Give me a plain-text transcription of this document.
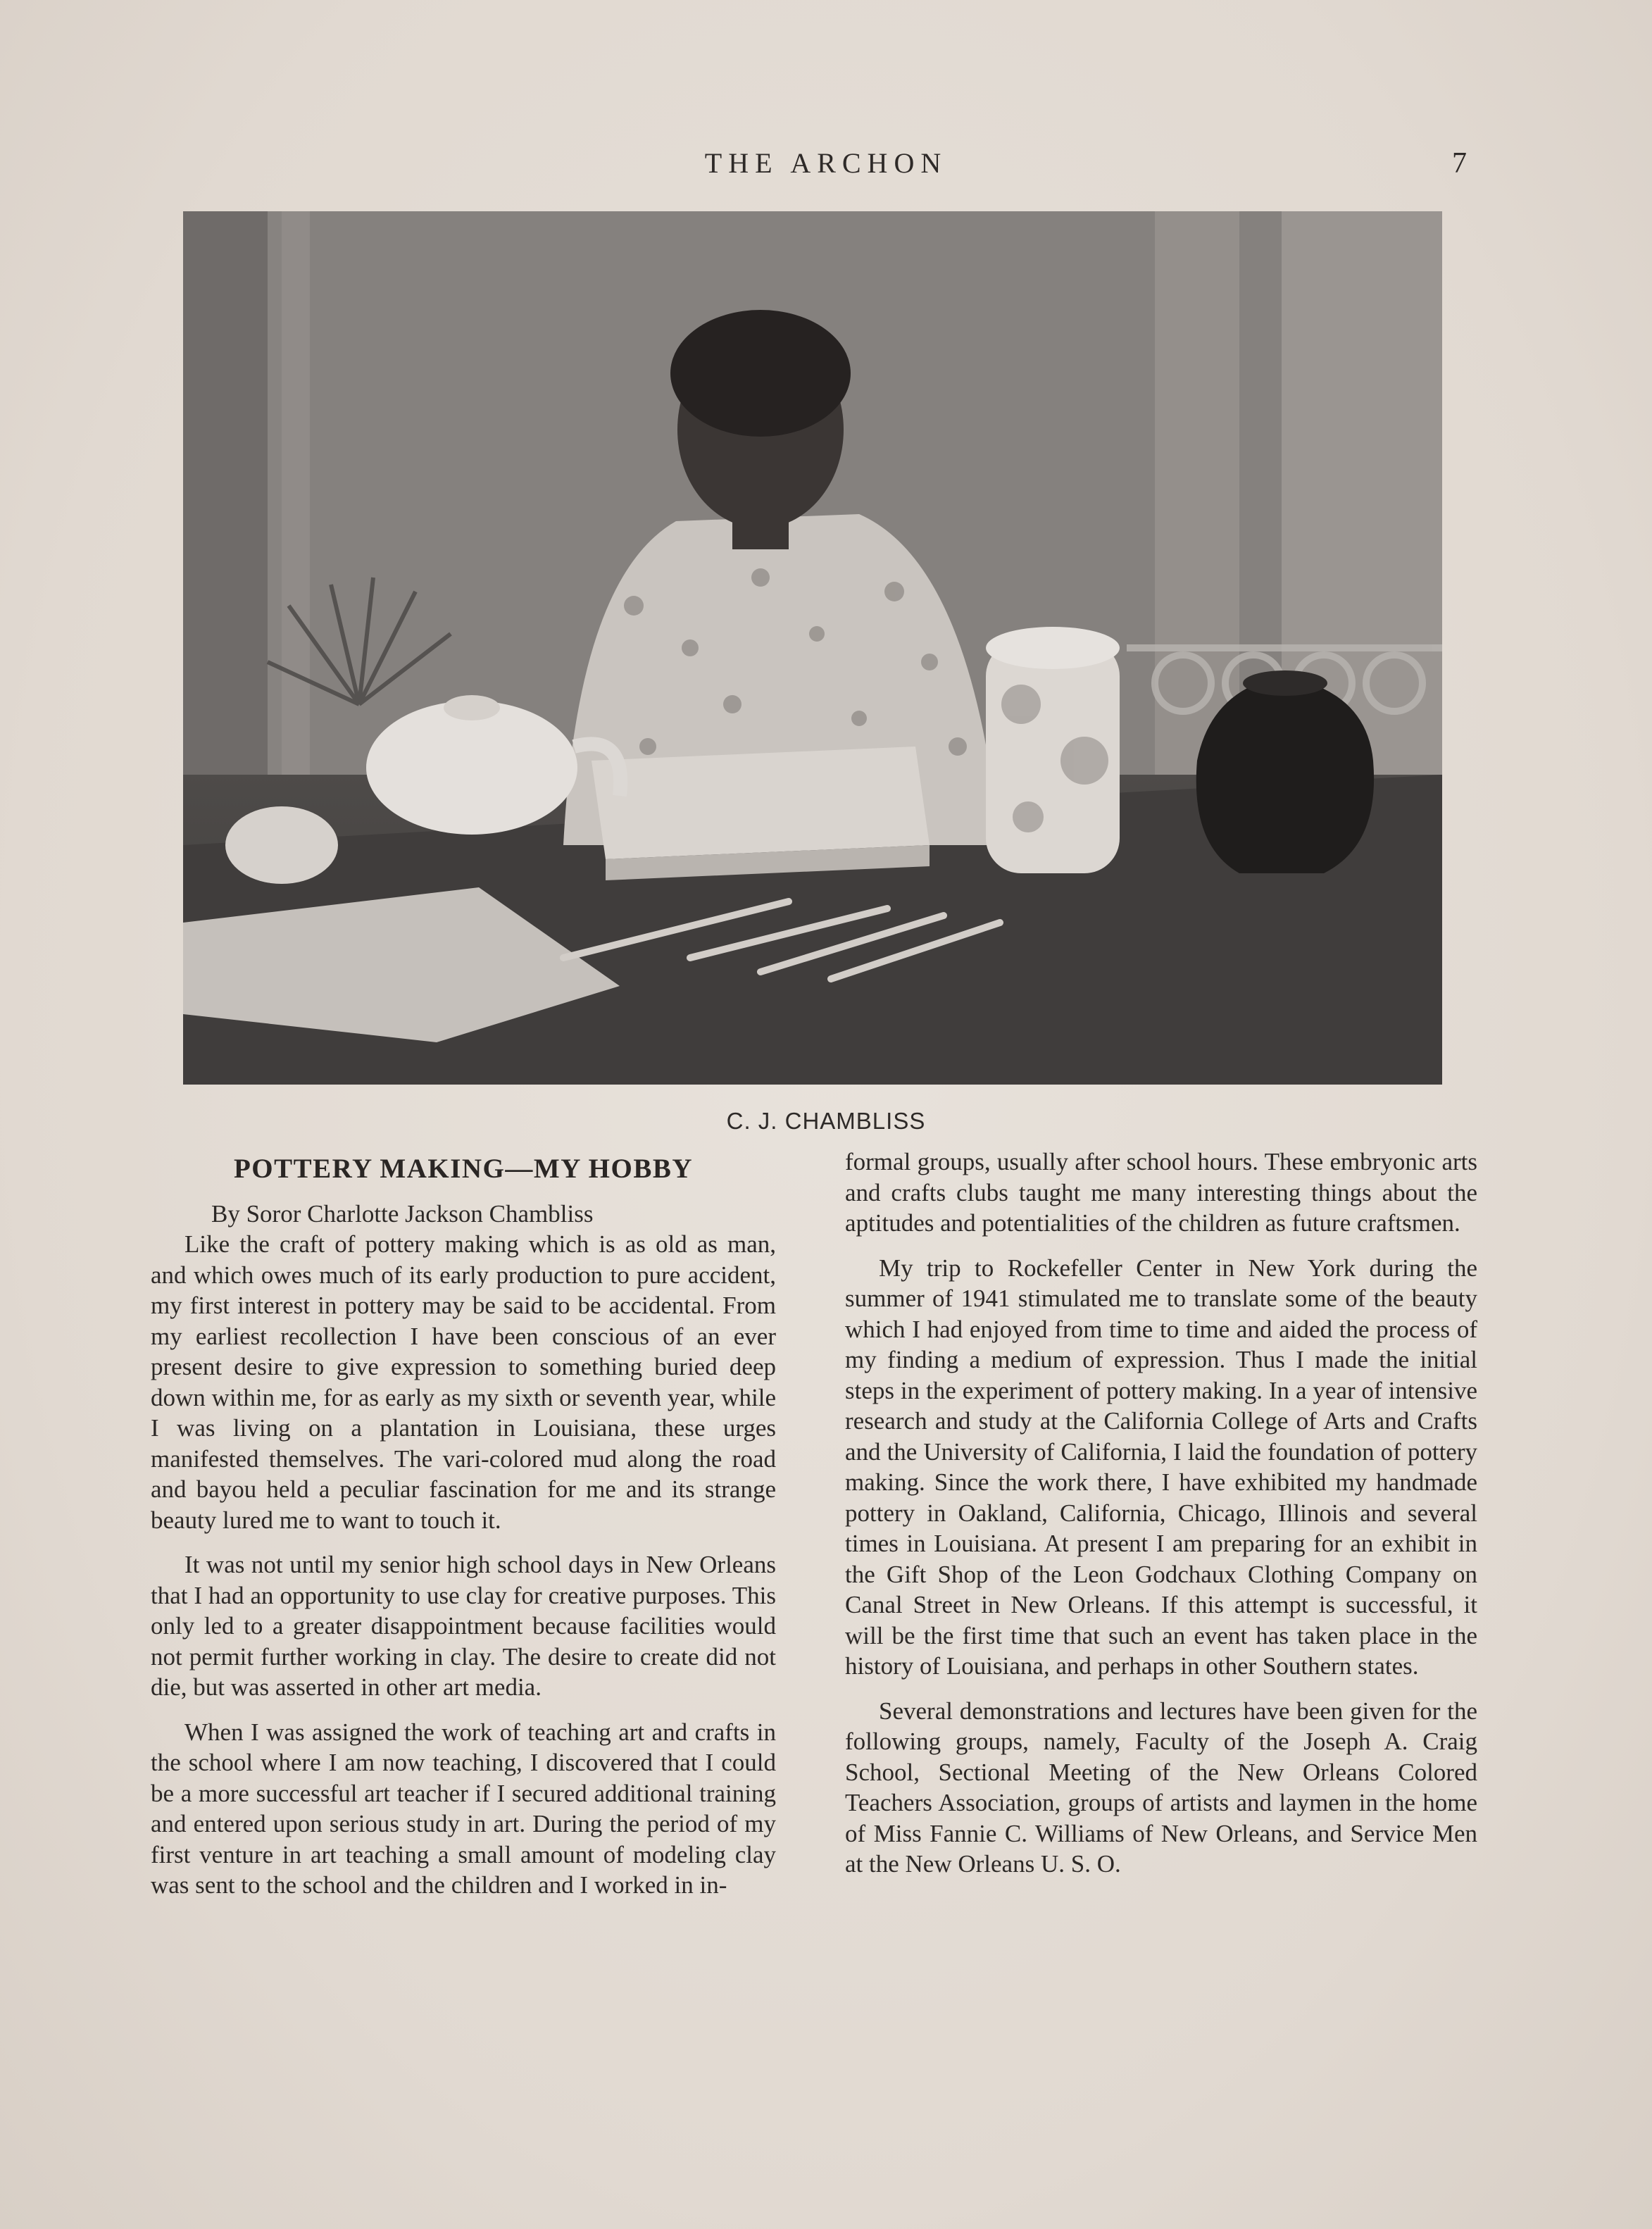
THE ARCHON	7
C. J. CHAMBLISS
POTTERY MAKING—MY HOBBY

By Soror Charlotte Jackson Chambliss

Like the craft of pottery making which is as old as man, and which owes much of its early production to pure accident, my first interest in pottery may be said to be accidental. From my earliest recollection I have been conscious of an ever present desire to give expression to something buried deep down within me, for as early as my sixth or seventh year, while I was living on a plantation in Louisiana, these urges manifested themselves. The vari-colored mud along the road and bayou held a peculiar fascination for me and its strange beauty lured me to want to touch it.

It was not until my senior high school days in New Orleans that I had an opportunity to use clay for creative purposes. This only led to a greater disappointment because facilities would not permit further working in clay. The desire to create did not die, but was asserted in other art media.

When I was assigned the work of teaching art and crafts in the school where I am now teaching, I discovered that I could be a more successful art teacher if I secured additional training and entered upon serious study in art. During the period of my first venture in art teaching a small amount of modeling clay was sent to the school and the children and I worked in in-

formal groups, usually after school hours. These embryonic arts and crafts clubs taught me many interesting things about the aptitudes and potentialities of the children as future craftsmen.

My trip to Rockefeller Center in New York during the summer of 1941 stimulated me to translate some of the beauty which I had enjoyed from time to time and aided the process of my finding a medium of expression. Thus I made the initial steps in the experiment of pottery making. In a year of intensive research and study at the California College of Arts and Crafts and the University of California, I laid the foundation of pottery making. Since the work there, I have exhibited my handmade pottery in Oakland, California, Chicago, Illinois and several times in Louisiana. At present I am preparing for an exhibit in the Gift Shop of the Leon Godchaux Clothing Company on Canal Street in New Orleans. If this attempt is successful, it will be the first time that such an event has taken place in the history of Louisiana, and perhaps in other Southern states.

Several demonstrations and lectures have been given for the following groups, namely, Faculty of the Joseph A. Craig School, Sectional Meeting of the New Orleans Colored Teachers Association, groups of artists and laymen in the home of Miss Fannie C. Williams of New Orleans, and Service Men at the New Orleans U. S. O.
